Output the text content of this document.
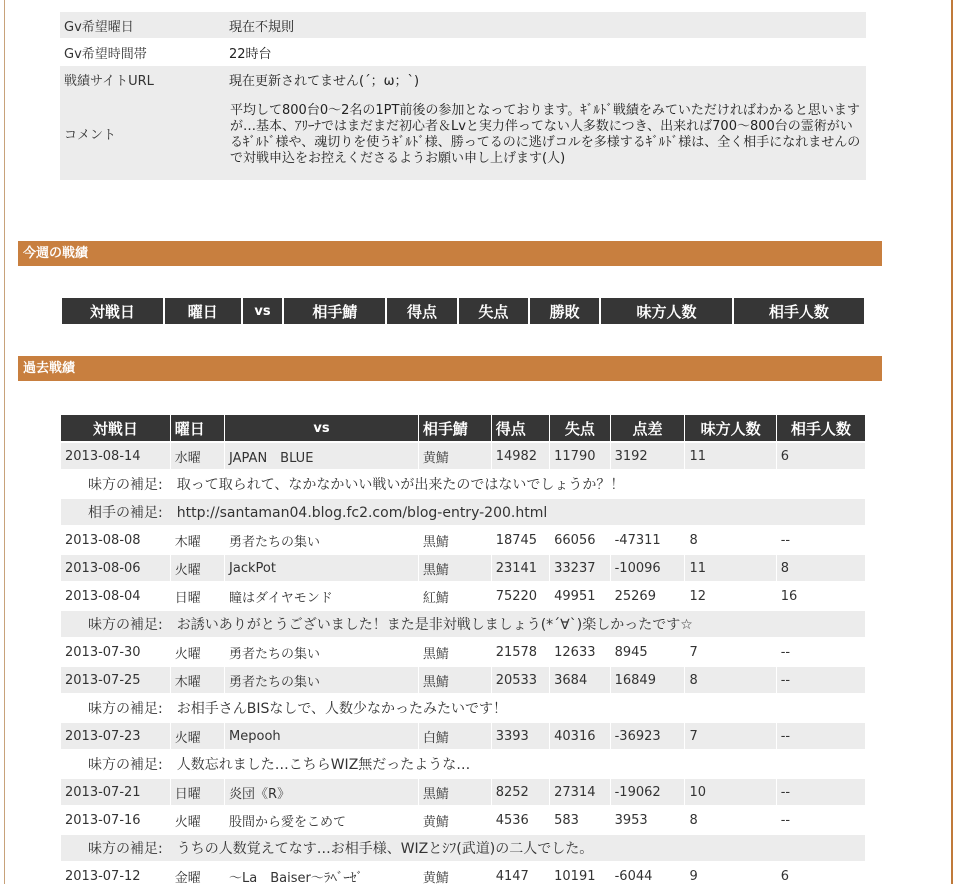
Gv希望曜日	現在不規則
Gv希望時間帯	22時台
戦績サイトURL	現在更新されてません(´；ω；`)
コメント	平均して800台0～2名の1PT前後の参加となっております。ｷﾞﾙﾄﾞ戦績をみていただければわかると思いますが…基本、ｱﾘｰﾅではまだまだ初心者＆Lvと実力伴ってない人多数につき、出来れば700～800台の霊術がいるｷﾞﾙﾄﾞ様や、魂切りを使うｷﾞﾙﾄﾞ様、勝ってるのに逃げコルを多様するｷﾞﾙﾄﾞ様は、全く相手になれませんので対戦申込をお控えくださるようお願い申し上げます(人)
今週の戦績
対戦日	曜日	vs	相手鯖	得点	失点	勝敗	味方人数	相手人数
過去戦績
対戦日	曜日	vs	相手鯖	得点	失点	点差	味方人数	相手人数
2013-08-14	水曜	JAPAN　BLUE	黄鯖	14982	11790	3192	11	6
味方の補足:　取って取られて、なかなかいい戦いが出来たのではないでしょうか？！								
相手の補足:　http://santaman04.blog.fc2.com/blog-entry-200.html								
2013-08-08	木曜	勇者たちの集い	黒鯖	18745	66056	-47311	8	--
2013-08-06	火曜	JackPot	黒鯖	23141	33237	-10096	11	8
2013-08-04	日曜	瞳はダイヤモンド	紅鯖	75220	49951	25269	12	16
味方の補足:　お誘いありがとうございました！また是非対戦しましょう(*´∀`)楽しかったです☆								
2013-07-30	火曜	勇者たちの集い	黒鯖	21578	12633	8945	7	--
2013-07-25	木曜	勇者たちの集い	黒鯖	20533	3684	16849	8	--
味方の補足:　お相手さんBISなしで、人数少なかったみたいです！								
2013-07-23	火曜	Mepooh	白鯖	3393	40316	-36923	7	--
味方の補足:　人数忘れました…こちらWIZ無だったような…								
2013-07-21	日曜	炎団《R》	黒鯖	8252	27314	-19062	10	--
2013-07-16	火曜	股間から愛をこめて	黄鯖	4536	583	3953	8	--
味方の補足:　うちの人数覚えてなす…お相手様、WIZとｼﾌ(武道)の二人でした。								
2013-07-12	金曜	～La　Baiser～ﾗﾍﾞｰｾﾞ	黄鯖	4147	10191	-6044	9	6
